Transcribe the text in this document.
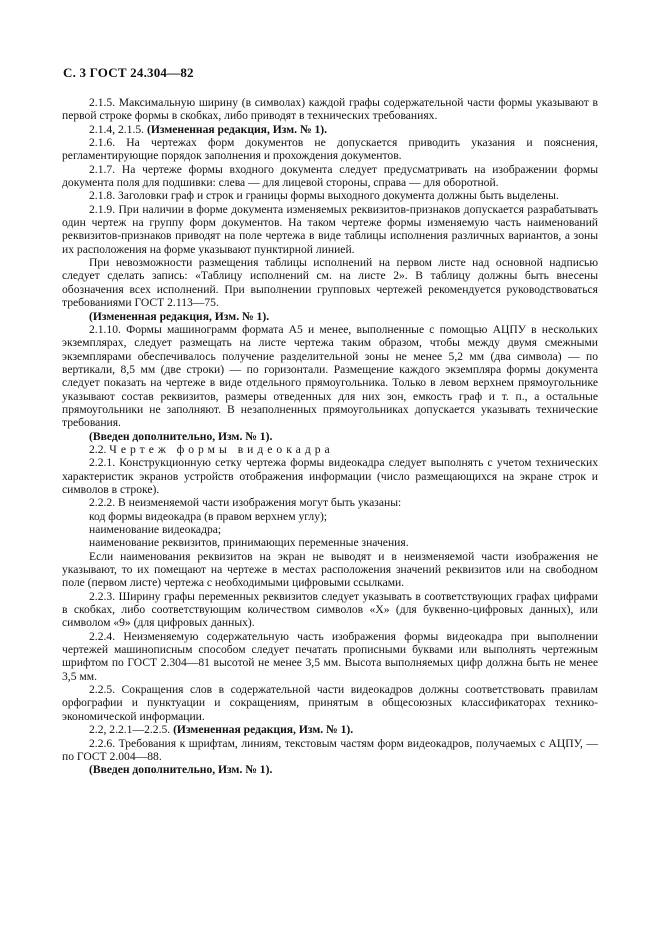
С. 3 ГОСТ 24.304—82

2.1.5. Максимальную ширину (в символах) каждой графы содержательной части формы указывают в первой строке формы в скобках, либо приводят в технических требованиях.

2.1.4, 2.1.5. (Измененная редакция, Изм. № 1).

2.1.6. На чертежах форм документов не допускается приводить указания и пояснения, регламентирующие порядок заполнения и прохождения документов.

2.1.7. На чертеже формы входного документа следует предусматривать на изображении формы документа поля для подшивки: слева — для лицевой стороны, справа — для оборотной.

2.1.8. Заголовки граф и строк и границы формы выходного документа должны быть выделены.

2.1.9. При наличии в форме документа изменяемых реквизитов-признаков допускается разрабатывать один чертеж на группу форм документов. На таком чертеже формы изменяемую часть наименований реквизитов-признаков приводят на поле чертежа в виде таблицы исполнения различных вариантов, а зоны их расположения на форме указывают пунктирной линией.

При невозможности размещения таблицы исполнений на первом листе над основной надписью следует сделать запись: «Таблицу исполнений см. на листе 2». В таблицу должны быть внесены обозначения всех исполнений. При выполнении групповых чертежей рекомендуется руководствоваться требованиями ГОСТ 2.113—75.

(Измененная редакция, Изм. № 1).

2.1.10. Формы машинограмм формата А5 и менее, выполненные с помощью АЦПУ в нескольких экземплярах, следует размещать на листе чертежа таким образом, чтобы между двумя смежными экземплярами обеспечивалось получение разделительной зоны не менее 5,2 мм (два символа) — по вертикали, 8,5 мм (две строки) — по горизонтали. Размещение каждого экземпляра формы документа следует показать на чертеже в виде отдельного прямоугольника. Только в левом верхнем прямоугольнике указывают состав реквизитов, размеры отведенных для них зон, емкость граф и т. п., а остальные прямоугольники не заполняют. В незаполненных прямоугольниках допускается указывать технические требования.

(Введен дополнительно, Изм. № 1).

2.2. Чертеж формы видеокадра

2.2.1. Конструкционную сетку чертежа формы видеокадра следует выполнять с учетом технических характеристик экранов устройств отображения информации (число размещающихся на экране строк и символов в строке).

2.2.2. В неизменяемой части изображения могут быть указаны:

код формы видеокадра (в правом верхнем углу);

наименование видеокадра;

наименование реквизитов, принимающих переменные значения.

Если наименования реквизитов на экран не выводят и в неизменяемой части изображения не указывают, то их помещают на чертеже в местах расположения значений реквизитов или на свободном поле (первом листе) чертежа с необходимыми цифровыми ссылками.

2.2.3. Ширину графы переменных реквизитов следует указывать в соответствующих графах цифрами в скобках, либо соответствующим количеством символов «Х» (для буквенно-цифровых данных), или символом «9» (для цифровых данных).

2.2.4. Неизменяемую содержательную часть изображения формы видеокадра при выполнении чертежей машинописным способом следует печатать прописными буквами или выполнять чертежным шрифтом по ГОСТ 2.304—81 высотой не менее 3,5 мм. Высота выполняемых цифр должна быть не менее 3,5 мм.

2.2.5. Сокращения слов в содержательной части видеокадров должны соответствовать правилам орфографии и пунктуации и сокращениям, принятым в общесоюзных классификаторах технико-экономической информации.

2.2, 2.2.1—2.2.5. (Измененная редакция, Изм. № 1).

2.2.6. Требования к шрифтам, линиям, текстовым частям форм видеокадров, получаемых с АЦПУ, — по ГОСТ 2.004—88.

(Введен дополнительно, Изм. № 1).
